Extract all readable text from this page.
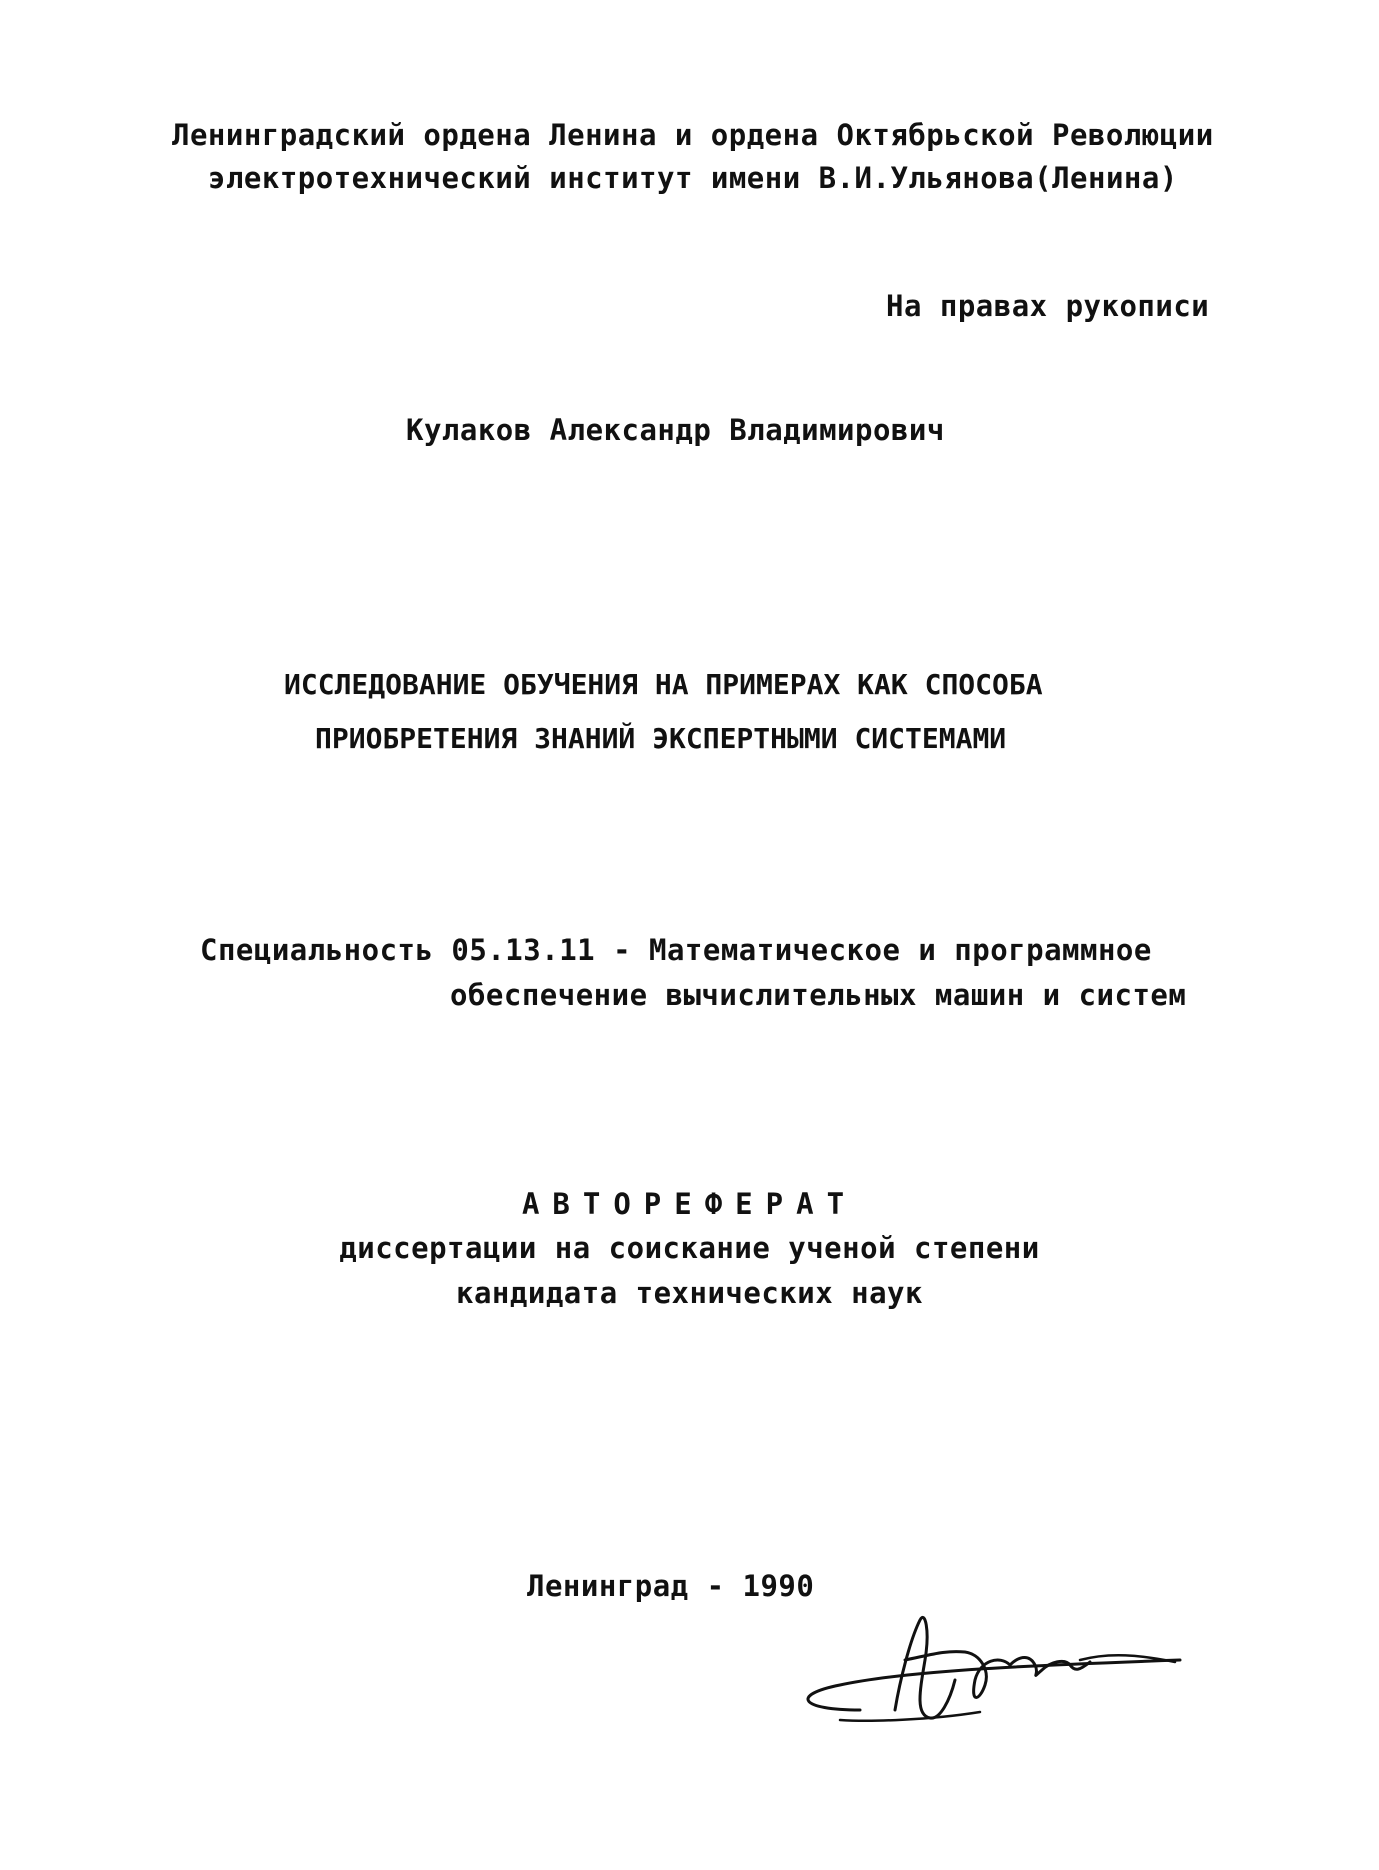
Ленинградский ордена Ленина и ордена Октябрьской Революции
электротехнический институт имени В.И.Ульянова(Ленина)
На правах рукописи
Кулаков Александр Владимирович
ИССЛЕДОВАНИЕ ОБУЧЕНИЯ НА ПРИМЕРАХ КАК СПОСОБА
ПРИОБРЕТЕНИЯ ЗНАНИЙ ЭКСПЕРТНЫМИ СИСТЕМАМИ
Специальность 05.13.11 - Математическое и программное
обеспечение вычислительных машин и систем
АВТОРЕФЕРАТ
диссертации на соискание ученой степени
кандидата технических наук
Ленинград - 1990
